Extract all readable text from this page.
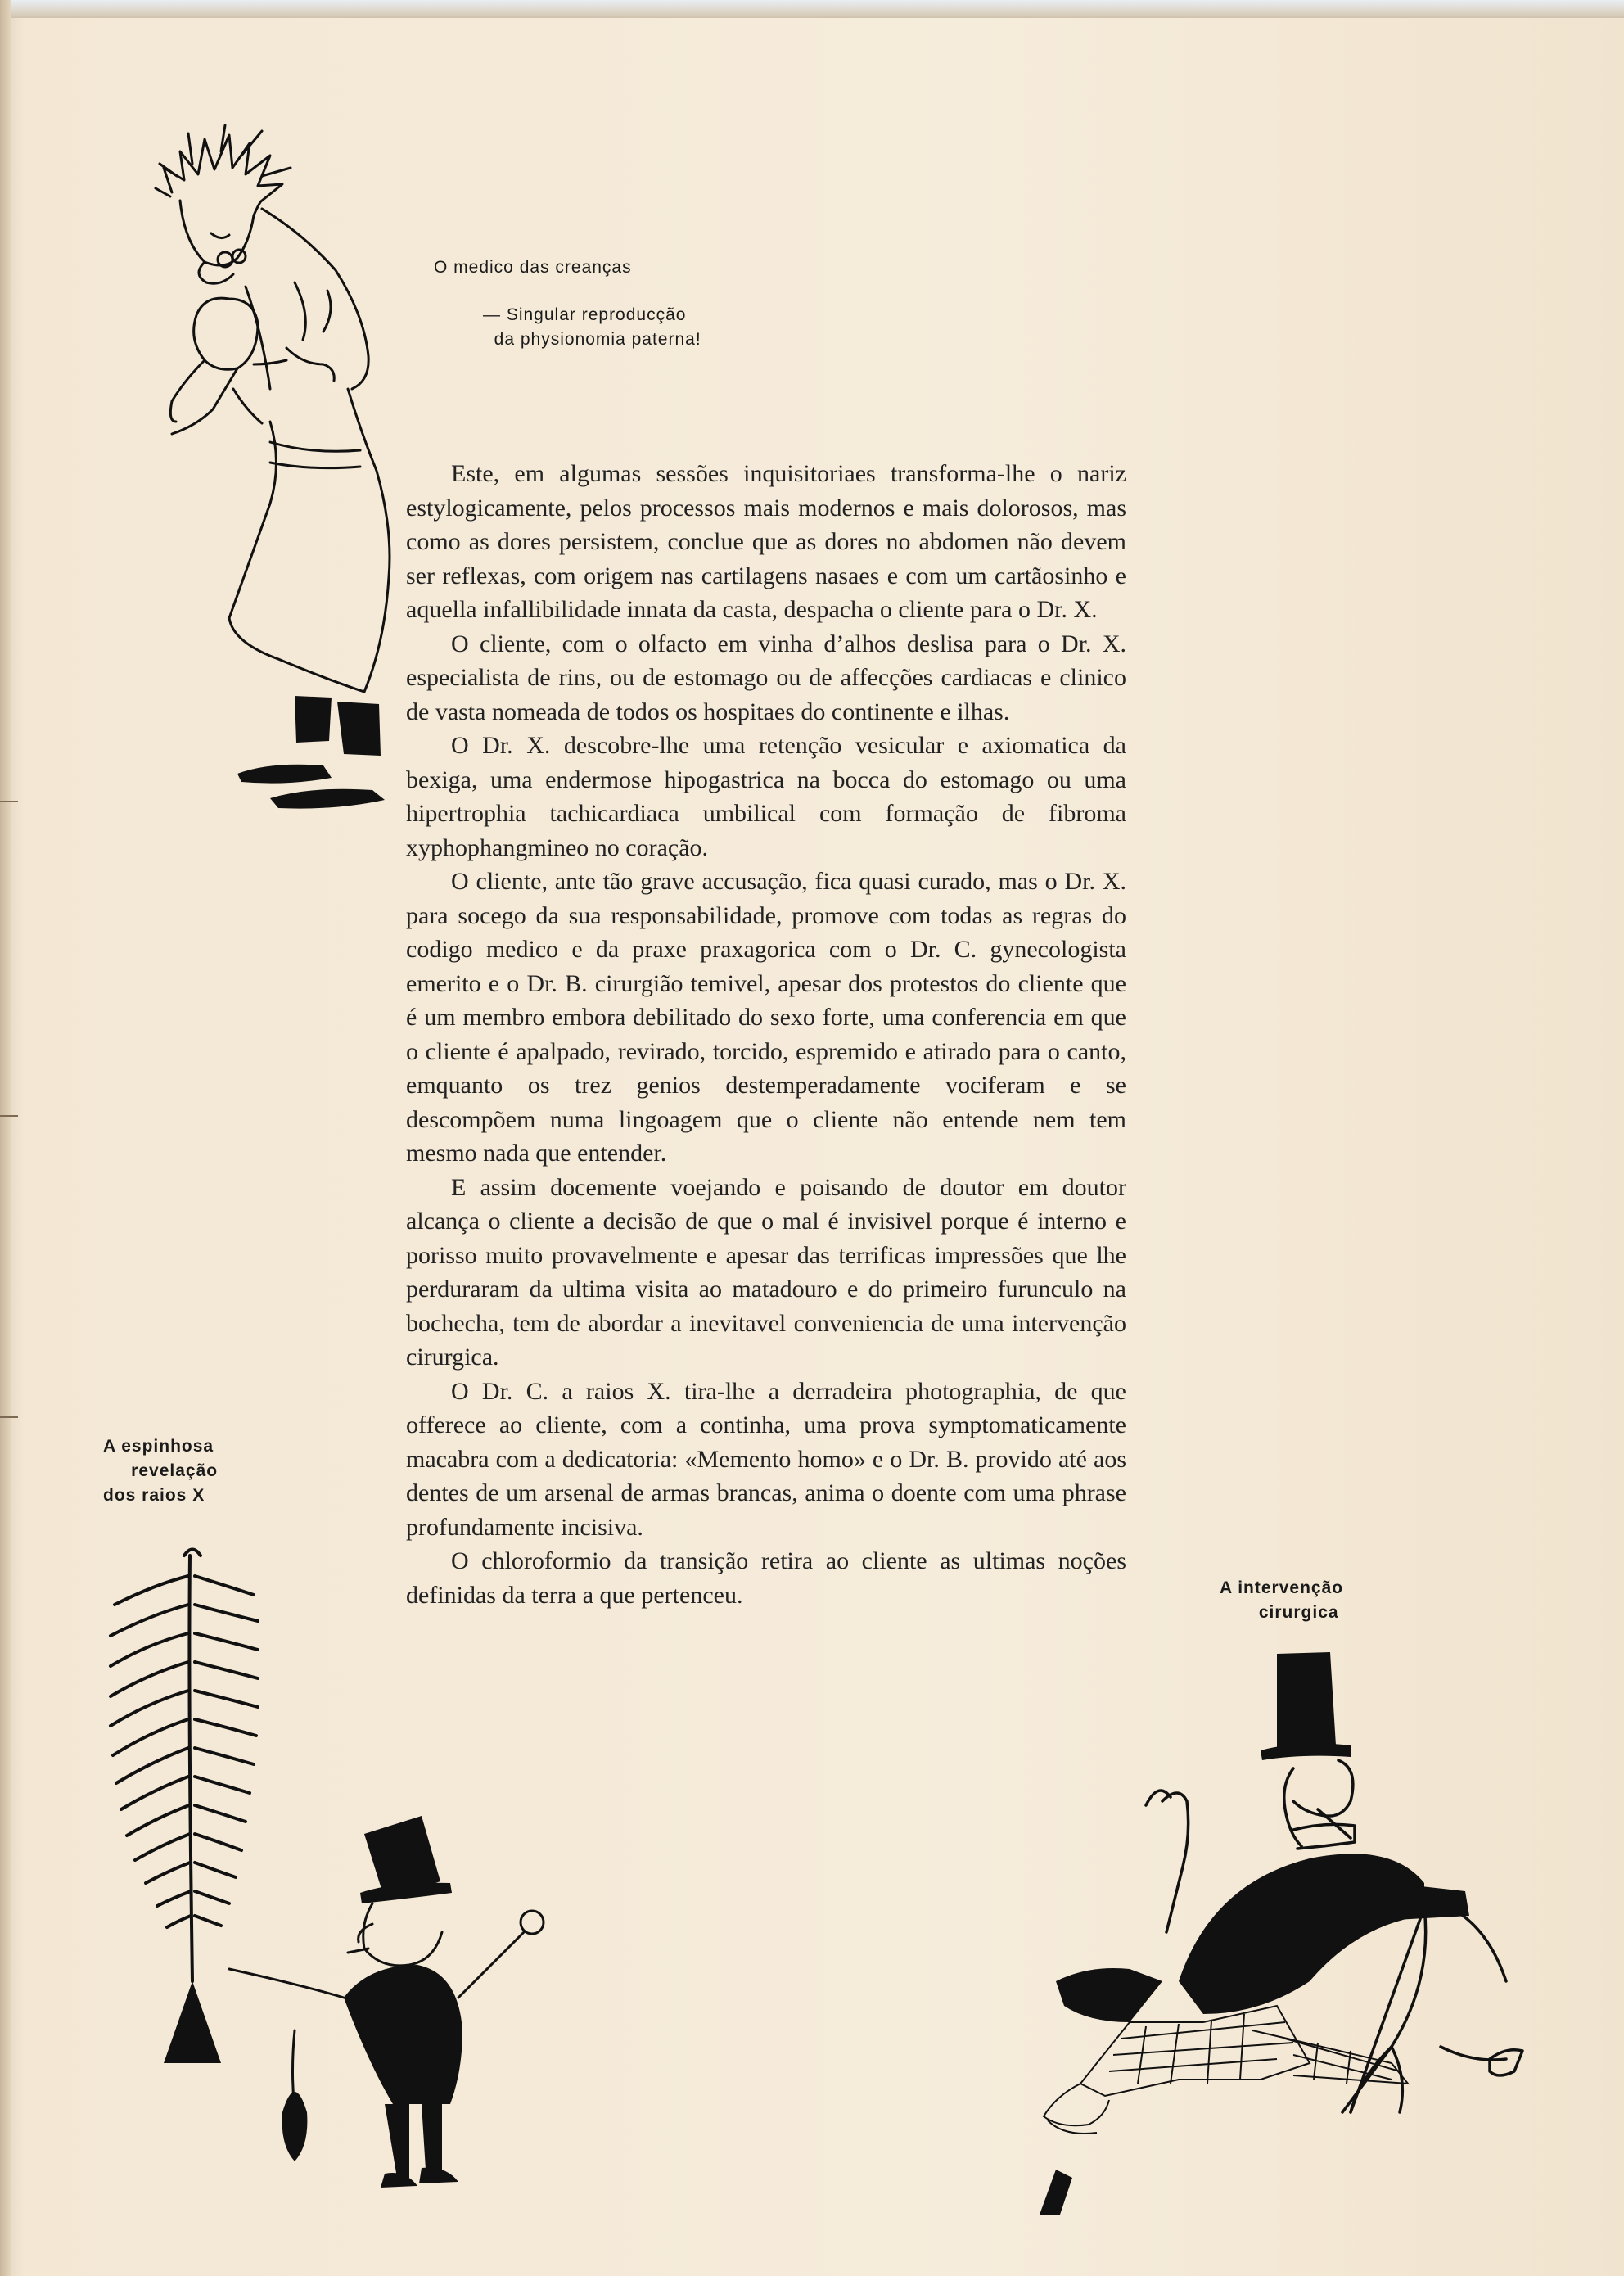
O medico das creanças

— Singular reproducção
da physionomia paterna!

Este, em algumas sessões inquisitoriaes transforma-lhe o nariz estylogicamente, pelos processos mais modernos e mais dolorosos, mas como as dores persistem, conclue que as dores no abdomen não devem ser reflexas, com origem nas cartilagens nasaes e com um cartãosinho e aquella infallibilidade innata da casta, despacha o cliente para o Dr. X.

O cliente, com o olfacto em vinha d’alhos deslisa para o Dr. X. especialista de rins, ou de estomago ou de affecções cardiacas e clinico de vasta nomeada de todos os hospitaes do continente e ilhas.

O Dr. X. descobre-lhe uma retenção vesicular e axiomatica da bexiga, uma endermose hipogastrica na bocca do estomago ou uma hipertrophia tachicardiaca umbilical com formação de fibroma xyphophangmineo no coração.

O cliente, ante tão grave accusação, fica quasi curado, mas o Dr. X. para socego da sua responsabilidade, promove com todas as regras do codigo medico e da praxe praxagorica com o Dr. C. gynecologista emerito e o Dr. B. cirurgião temivel, apesar dos protestos do cliente que é um membro embora debilitado do sexo forte, uma conferencia em que o cliente é apalpado, revirado, torcido, espremido e atirado para o canto, emquanto os trez genios destemperadamente vociferam e se descompõem numa lingoagem que o cliente não entende nem tem mesmo nada que entender.

E assim docemente voejando e poisando de doutor em doutor alcança o cliente a decisão de que o mal é invisivel porque é interno e porisso muito provavelmente e apesar das terrificas impressões que lhe perduraram da ultima visita ao matadouro e do primeiro furunculo na bochecha, tem de abordar a inevitavel conveniencia de uma intervenção cirurgica.

O Dr. C. a raios X. tira-lhe a derradeira photographia, de que offerece ao cliente, com a continha, uma prova symptomaticamente macabra com a dedicatoria: «Memento homo» e o Dr. B. provido até aos dentes de um arsenal de armas brancas, anima o doente com uma phrase profundamente incisiva.

O chloroformio da transição retira ao cliente as ultimas noções definidas da terra a que pertenceu.

A espinhosa
revelação
dos raios X

A intervenção
cirurgica
